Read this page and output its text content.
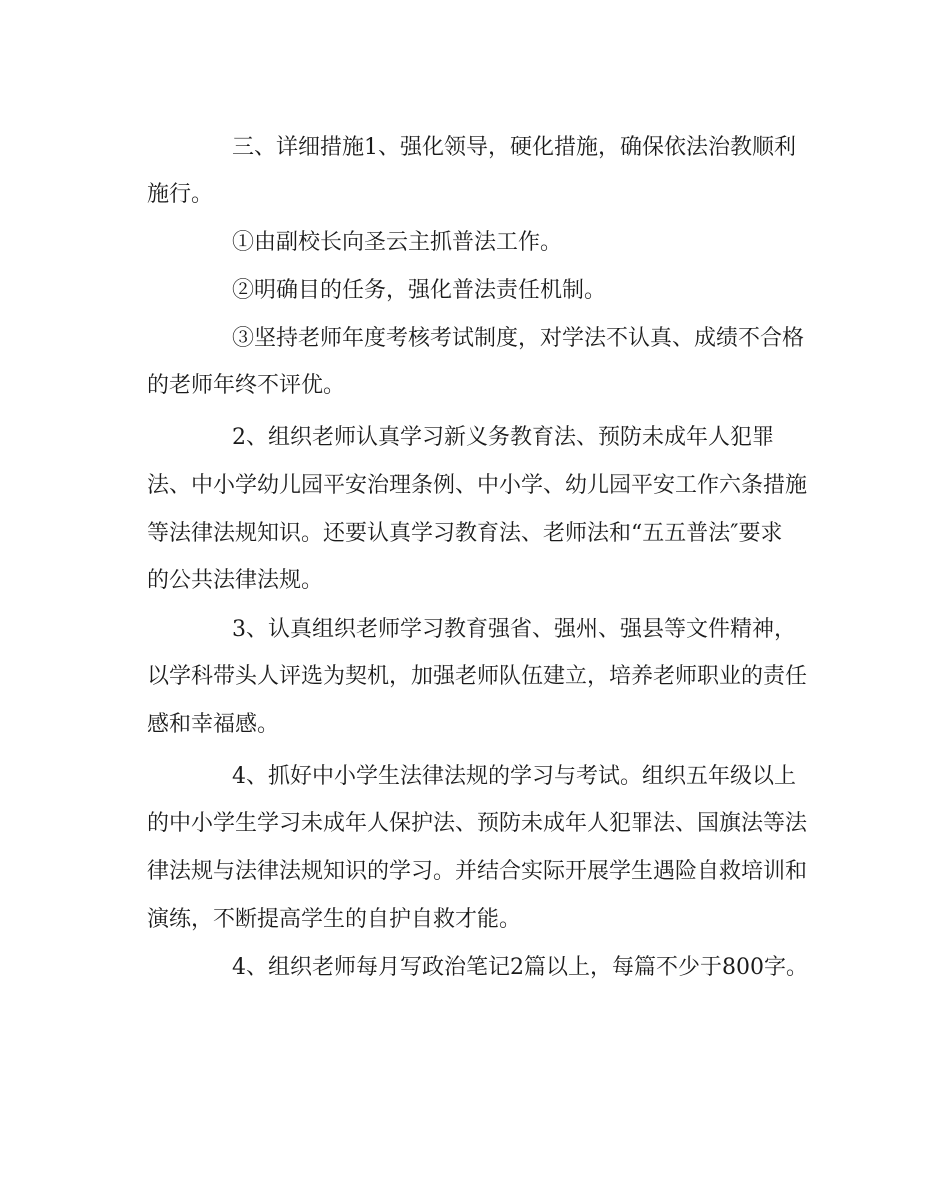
三、详细措施1、强化领导，硬化措施，确保依法治教顺利
施行。
①由副校长向圣云主抓普法工作。
②明确目的任务，强化普法责任机制。
③坚持老师年度考核考试制度，对学法不认真、成绩不合格
的老师年终不评优。
2、组织老师认真学习新义务教育法、预防未成年人犯罪
法、中小学幼儿园平安治理条例、中小学、幼儿园平安工作六条措施
等法律法规知识。还要认真学习教育法、老师法和“五五普法″要求
的公共法律法规。
3、认真组织老师学习教育强省、强州、强县等文件精神，
以学科带头人评选为契机，加强老师队伍建立，培养老师职业的责任
感和幸福感。
4、抓好中小学生法律法规的学习与考试。组织五年级以上
的中小学生学习未成年人保护法、预防未成年人犯罪法、国旗法等法
律法规与法律法规知识的学习。并结合实际开展学生遇险自救培训和
演练，不断提高学生的自护自救才能。
4、组织老师每月写政治笔记2篇以上，每篇不少于800字。
